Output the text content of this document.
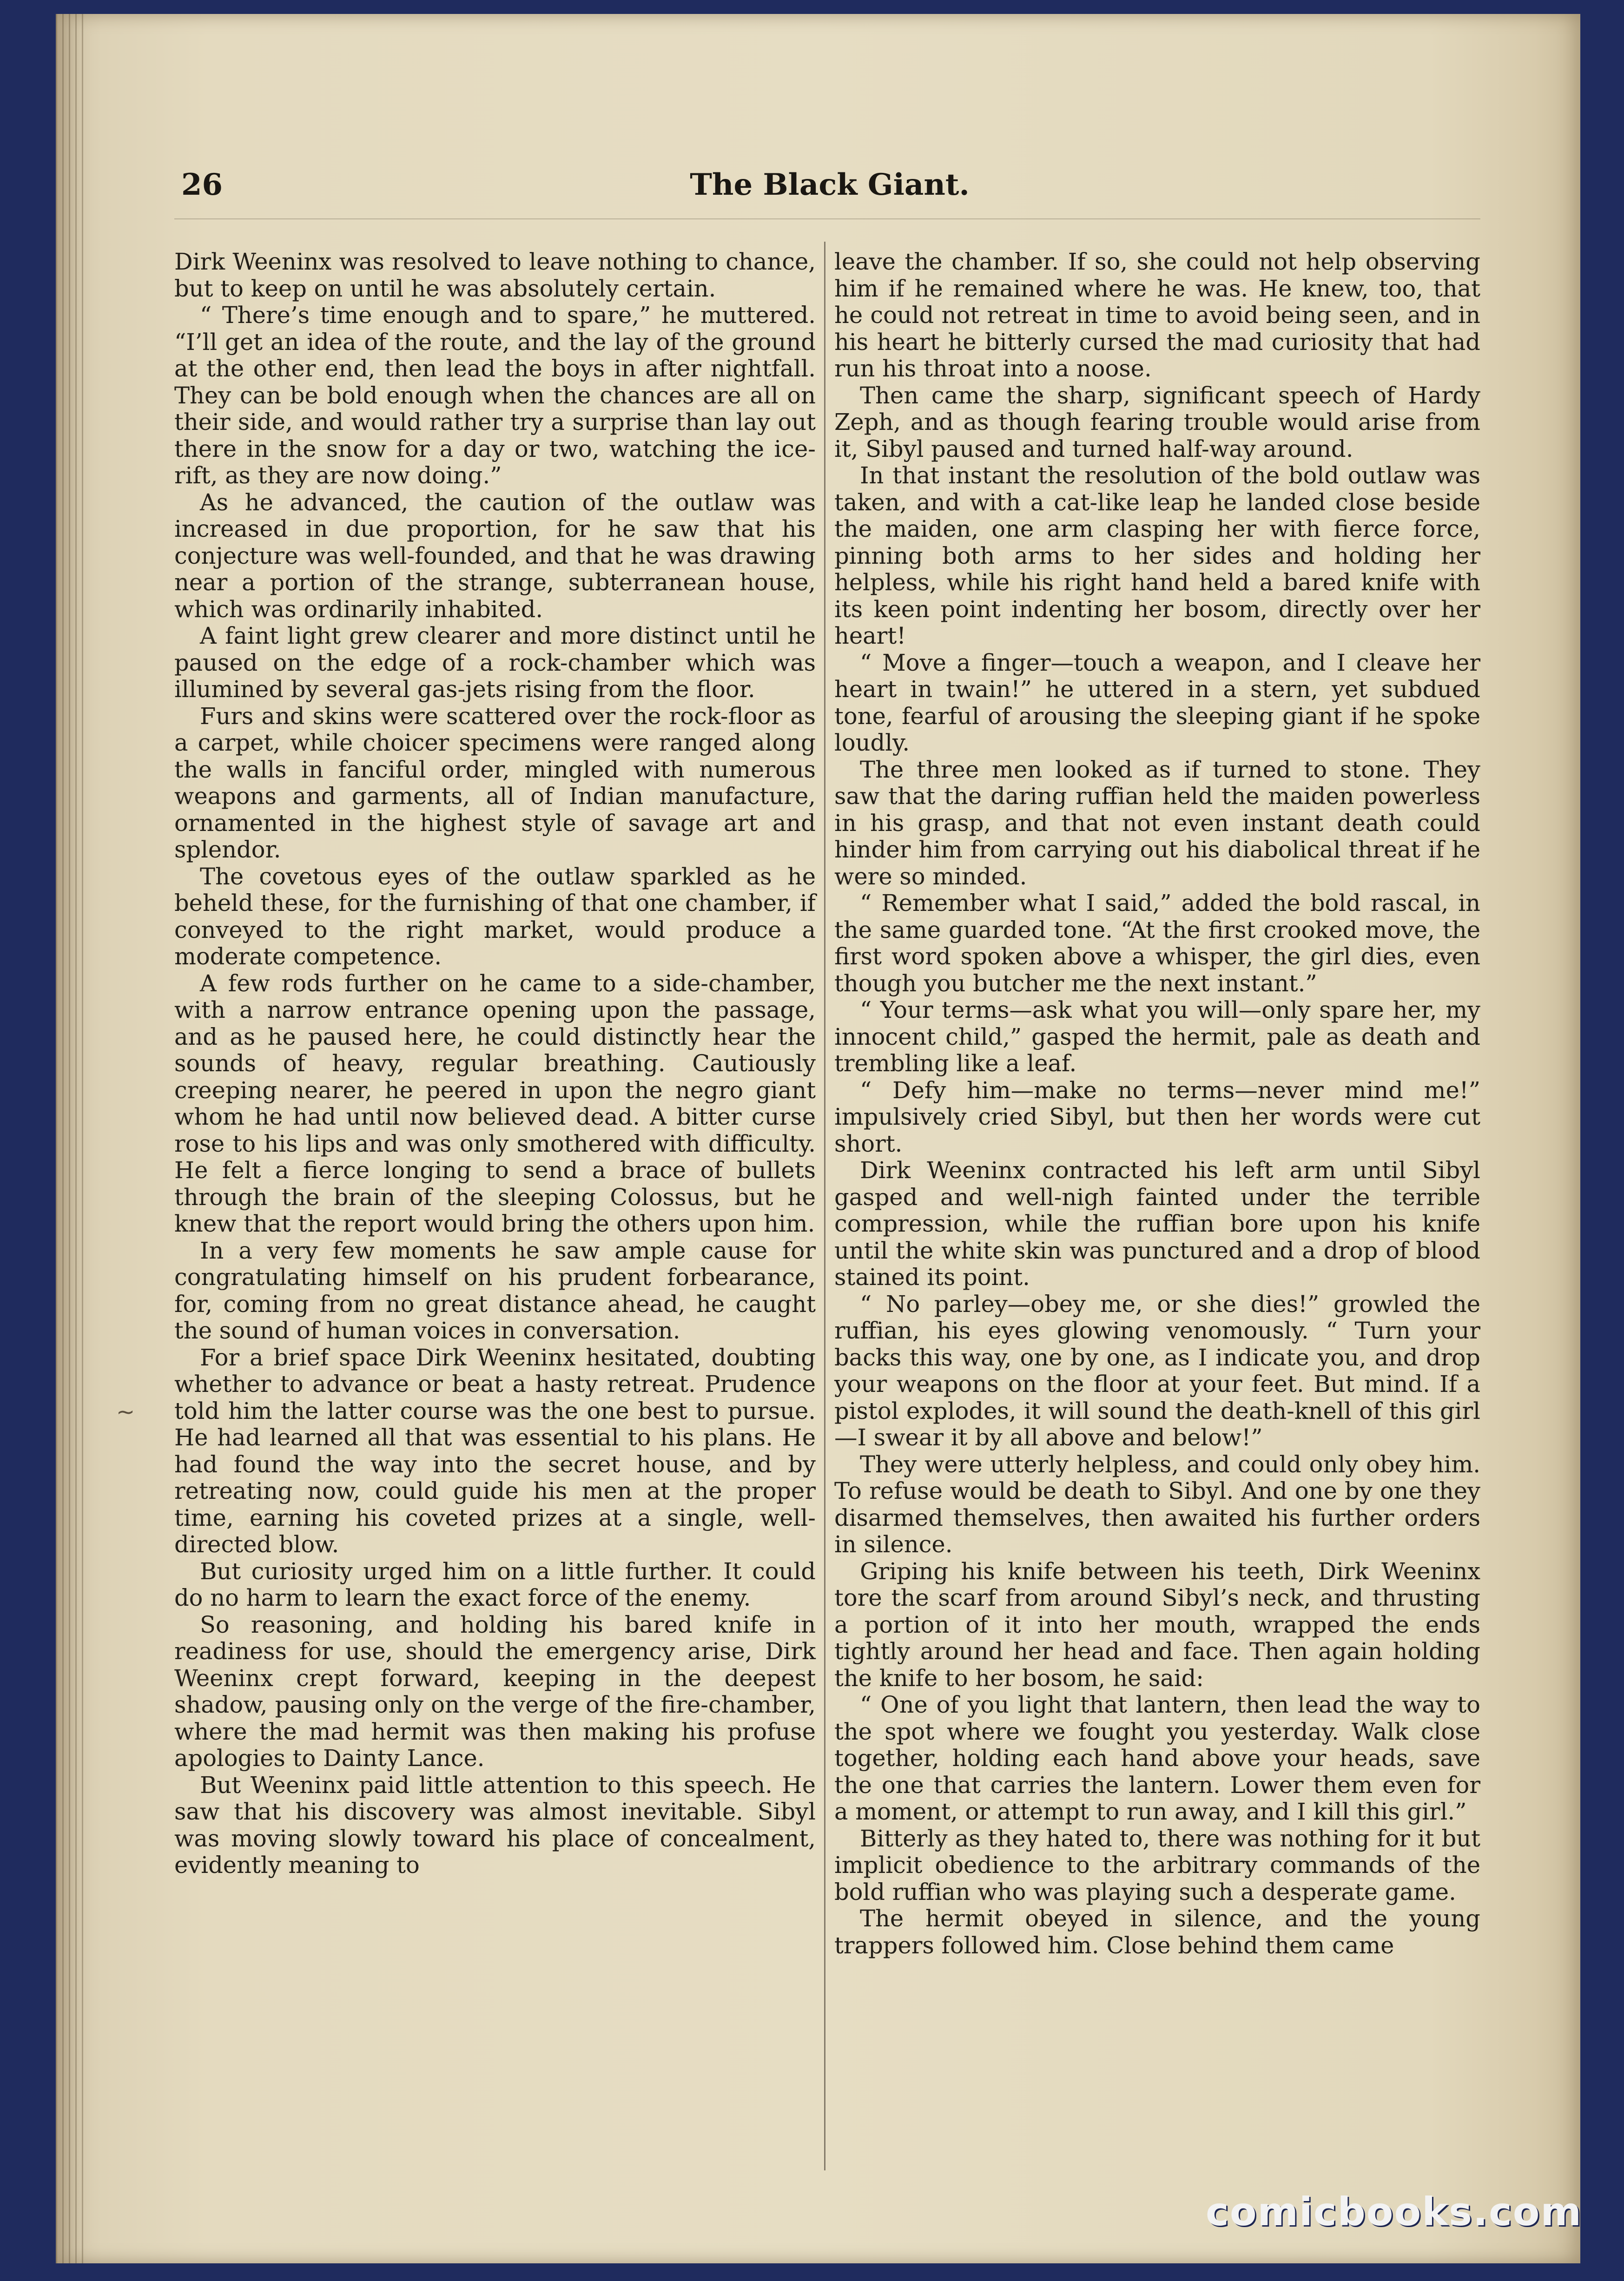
26	The Black Giant.

Dirk Weeninx was resolved to leave nothing to chance, but to keep on until he was absolutely certain.

“ There’s time enough and to spare,” he muttered. “I’ll get an idea of the route, and the lay of the ground at the other end, then lead the boys in after nightfall. They can be bold enough when the chances are all on their side, and would rather try a surprise than lay out there in the snow for a day or two, watching the ice-rift, as they are now doing.”

As he advanced, the caution of the outlaw was increased in due proportion, for he saw that his conjecture was well-founded, and that he was drawing near a portion of the strange, subterranean house, which was ordinarily inhabited.

A faint light grew clearer and more distinct until he paused on the edge of a rock-chamber which was illumined by several gas-jets rising from the floor.

Furs and skins were scattered over the rock-floor as a carpet, while choicer specimens were ranged along the walls in fanciful order, mingled with numerous weapons and garments, all of Indian manufacture, ornamented in the highest style of savage art and splendor.

The covetous eyes of the outlaw sparkled as he beheld these, for the furnishing of that one chamber, if conveyed to the right market, would produce a moderate competence.

A few rods further on he came to a side-chamber, with a narrow entrance opening upon the passage, and as he paused here, he could distinctly hear the sounds of heavy, regular breathing. Cautiously creeping nearer, he peered in upon the negro giant whom he had until now believed dead. A bitter curse rose to his lips and was only smothered with difficulty. He felt a fierce longing to send a brace of bullets through the brain of the sleeping Colossus, but he knew that the report would bring the others upon him.

In a very few moments he saw ample cause for congratulating himself on his prudent forbearance, for, coming from no great distance ahead, he caught the sound of human voices in conversation.

For a brief space Dirk Weeninx hesitated, doubting whether to advance or beat a hasty retreat. Prudence told him the latter course was the one best to pursue. He had learned all that was essential to his plans. He had found the way into the secret house, and by retreating now, could guide his men at the proper time, earning his coveted prizes at a single, well-directed blow.

But curiosity urged him on a little further. It could do no harm to learn the exact force of the enemy.

So reasoning, and holding his bared knife in readiness for use, should the emergency arise, Dirk Weeninx crept forward, keeping in the deepest shadow, pausing only on the verge of the fire-chamber, where the mad hermit was then making his profuse apologies to Dainty Lance.

But Weeninx paid little attention to this speech. He saw that his discovery was almost inevitable. Sibyl was moving slowly toward his place of concealment, evidently meaning to

leave the chamber. If so, she could not help observing him if he remained where he was. He knew, too, that he could not retreat in time to avoid being seen, and in his heart he bitterly cursed the mad curiosity that had run his throat into a noose.

Then came the sharp, significant speech of Hardy Zeph, and as though fearing trouble would arise from it, Sibyl paused and turned half-way around.

In that instant the resolution of the bold outlaw was taken, and with a cat-like leap he landed close beside the maiden, one arm clasping her with fierce force, pinning both arms to her sides and holding her helpless, while his right hand held a bared knife with its keen point indenting her bosom, directly over her heart!

“ Move a finger—touch a weapon, and I cleave her heart in twain!” he uttered in a stern, yet subdued tone, fearful of arousing the sleeping giant if he spoke loudly.

The three men looked as if turned to stone. They saw that the daring ruffian held the maiden powerless in his grasp, and that not even instant death could hinder him from carrying out his diabolical threat if he were so minded.

“ Remember what I said,” added the bold rascal, in the same guarded tone. “At the first crooked move, the first word spoken above a whisper, the girl dies, even though you butcher me the next instant.”

“ Your terms—ask what you will—only spare her, my innocent child,” gasped the hermit, pale as death and trembling like a leaf.

“ Defy him—make no terms—never mind me!” impulsively cried Sibyl, but then her words were cut short.

Dirk Weeninx contracted his left arm until Sibyl gasped and well-nigh fainted under the terrible compression, while the ruffian bore upon his knife until the white skin was punctured and a drop of blood stained its point.

“ No parley—obey me, or she dies!” growled the ruffian, his eyes glowing venomously. “ Turn your backs this way, one by one, as I indicate you, and drop your weapons on the floor at your feet. But mind. If a pistol explodes, it will sound the death-knell of this girl—I swear it by all above and below!”

They were utterly helpless, and could only obey him. To refuse would be death to Sibyl. And one by one they disarmed themselves, then awaited his further orders in silence.

Griping his knife between his teeth, Dirk Weeninx tore the scarf from around Sibyl’s neck, and thrusting a portion of it into her mouth, wrapped the ends tightly around her head and face. Then again holding the knife to her bosom, he said:

“ One of you light that lantern, then lead the way to the spot where we fought you yesterday. Walk close together, holding each hand above your heads, save the one that carries the lantern. Lower them even for a moment, or attempt to run away, and I kill this girl.”

Bitterly as they hated to, there was nothing for it but implicit obedience to the arbitrary commands of the bold ruffian who was playing such a desperate game.

The hermit obeyed in silence, and the young trappers followed him. Close behind them came

~
comicbooks.com
